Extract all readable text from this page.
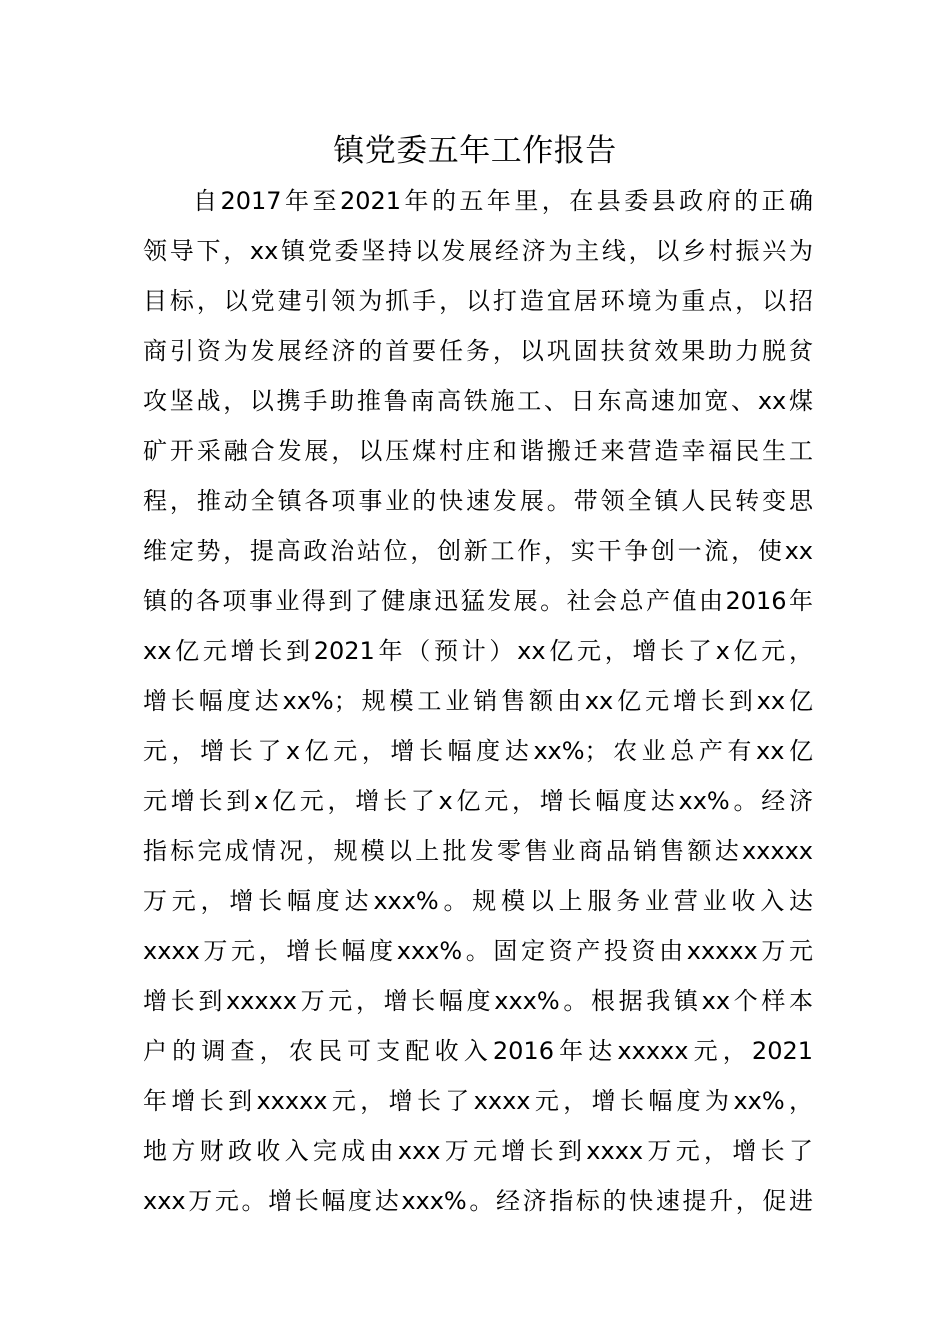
镇党委五年工作报告
自2017年至2021年的五年里，在县委县政府的正确
领导下，xx镇党委坚持以发展经济为主线，以乡村振兴为
目标，以党建引领为抓手，以打造宜居环境为重点，以招
商引资为发展经济的首要任务，以巩固扶贫效果助力脱贫
攻坚战，以携手助推鲁南高铁施工、日东高速加宽、xx煤
矿开采融合发展，以压煤村庄和谐搬迁来营造幸福民生工
程，推动全镇各项事业的快速发展。带领全镇人民转变思
维定势，提高政治站位，创新工作，实干争创一流，使xx
镇的各项事业得到了健康迅猛发展。社会总产值由2016年
xx亿元增长到2021年（预计）xx亿元，增长了x亿元，
增长幅度达xx%；规模工业销售额由xx亿元增长到xx亿
元，增长了x亿元，增长幅度达xx%；农业总产有xx亿
元增长到x亿元，增长了x亿元，增长幅度达xx%。经济
指标完成情况，规模以上批发零售业商品销售额达xxxxx
万元，增长幅度达xxx%。规模以上服务业营业收入达
xxxx万元，增长幅度xxx%。固定资产投资由xxxxx万元
增长到xxxxx万元，增长幅度xxx%。根据我镇xx个样本
户的调查，农民可支配收入2016年达xxxxx元，2021
年增长到xxxxx元，增长了xxxx元，增长幅度为xx%，
地方财政收入完成由xxx万元增长到xxxx万元，增长了
xxx万元。增长幅度达xxx%。经济指标的快速提升，促进
